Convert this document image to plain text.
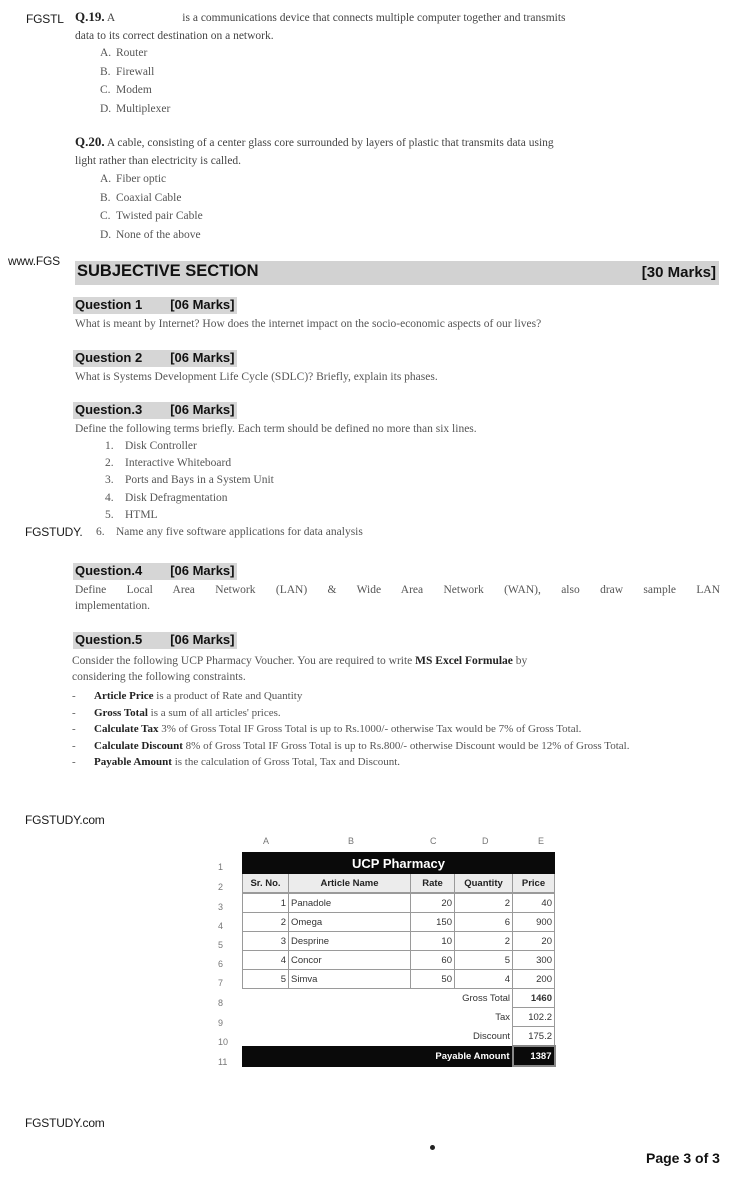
FGSTL
www.FGS
FGSTUDY.
FGSTUDY.com
FGSTUDY.com
Q.19. A	is a communications device that connects multiple computer together and transmits
data to its correct destination on a network.
A. Router
B. Firewall
C. Modem
D. Multiplexer
Q.20. A cable, consisting of a center glass core surrounded by layers of plastic that transmits data using
light rather than electricity is called.
A. Fiber optic
B. Coaxial Cable
C. Twisted pair Cable
D. None of the above
SUBJECTIVE SECTION	[30 Marks]
Question 1 [06 Marks]
What is meant by Internet? How does the internet impact on the socio-economic aspects of our lives?
Question 2 [06 Marks]
What is Systems Development Life Cycle (SDLC)? Briefly, explain its phases.
Question.3 [06 Marks]
Define the following terms briefly. Each term should be defined no more than six lines.
1. Disk Controller
2. Interactive Whiteboard
3. Ports and Bays in a System Unit
4. Disk Defragmentation
5. HTML
6. Name any five software applications for data analysis
Question.4 [06 Marks]
Define Local Area Network (LAN) & Wide Area Network (WAN), also draw sample LAN
implementation.
Question.5 [06 Marks]
Consider the following UCP Pharmacy Voucher. You are required to write MS Excel Formulae by
considering the following constraints.
- Article Price is a product of Rate and Quantity
- Gross Total is a sum of all articles' prices.
- Calculate Tax 3% of Gross Total IF Gross Total is up to Rs.1000/- otherwise Tax would be 7% of Gross Total.
- Calculate Discount 8% of Gross Total IF Gross Total is up to Rs.800/- otherwise Discount would be 12% of Gross Total.
- Payable Amount is the calculation of Gross Total, Tax and Discount.
A	B	C	D	E
1
2
3
4
5
6
7
8
9
10
11
UCP Pharmacy				
Sr. No.	Article Name	Rate	Quantity	Price
1	Panadole	20	2	40
2	Omega	150	6	900
3	Desprine	10	2	20
4	Concor	60	5	300
5	Simva	50	4	200
Gross Total				1460
Tax				102.2
Discount				175.2
Payable Amount				1387
Page 3 of 3
